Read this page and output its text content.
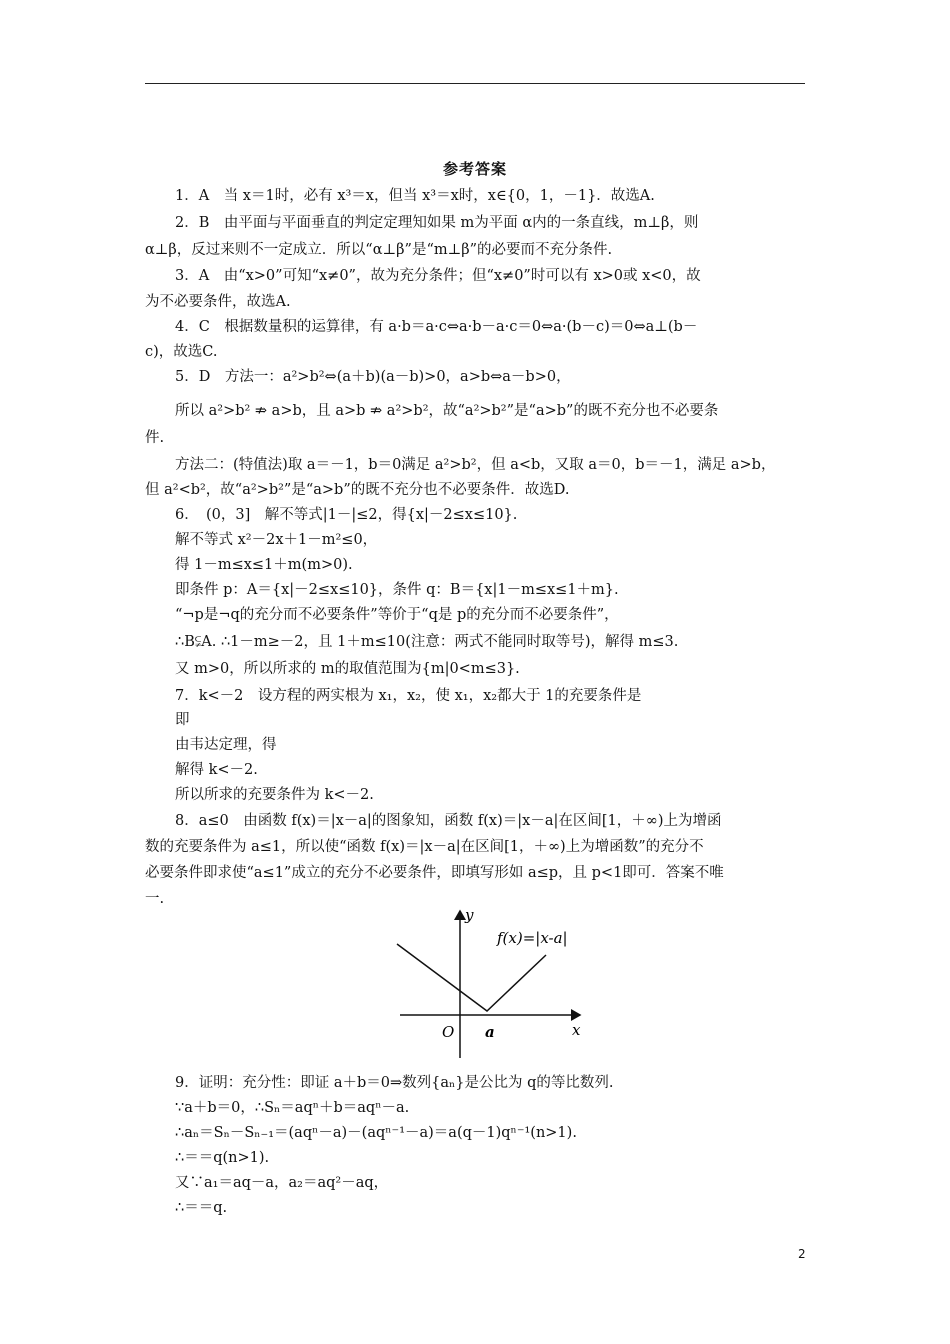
参考答案
1．A　当 x＝1时，必有 x³＝x，但当 x³＝x时，x∈{0，1，－1}．故选A.
2．B　由平面与平面垂直的判定定理知如果 m为平面 α内的一条直线，m⊥β，则
α⊥β，反过来则不一定成立．所以“α⊥β”是“m⊥β”的必要而不充分条件.
3．A　由“x>0”可知“x≠0”，故为充分条件；但“x≠0”时可以有 x>0或 x<0，故
为不必要条件，故选A.
4．C　根据数量积的运算律，有 a·b＝a·c⇔a·b－a·c＝0⇔a·(b－c)＝0⇔a⊥(b－
c)，故选C.
5．D　方法一：a²>b²⇔(a＋b)(a－b)>0，a>b⇔a－b>0，
所以 a²>b² ⇏ a>b，且 a>b ⇏ a²>b²，故“a²>b²”是“a>b”的既不充分也不必要条
件.
方法二：(特值法)取 a＝－1，b＝0满足 a²>b²，但 a<b，又取 a＝0，b＝－1，满足 a>b，
但 a²<b²，故“a²>b²”是“a>b”的既不充分也不必要条件．故选D.
6．　(0，3]　解不等式|1－|≤2，得{x|－2≤x≤10}.
解不等式 x²－2x＋1－m²≤0，
得 1－m≤x≤1＋m(m>0).
即条件 p：A＝{x|－2≤x≤10}，条件 q：B＝{x|1－m≤x≤1＋m}.
“¬p是¬q的充分而不必要条件”等价于“q是 p的充分而不必要条件”，
∴B⫋A. ∴1－m≥－2，且 1＋m≤10(注意：两式不能同时取等号)，解得 m≤3.
又 m>0，所以所求的 m的取值范围为{m|0<m≤3}.
7．k<－2　设方程的两实根为 x₁，x₂，使 x₁，x₂都大于 1的充要条件是
即
由韦达定理，得
解得 k<－2.
所以所求的充要条件为 k<－2.
8．a≤0　由函数 f(x)＝|x－a|的图象知，函数 f(x)＝|x－a|在区间[1，＋∞)上为增函
数的充要条件为 a≤1，所以使“函数 f(x)＝|x－a|在区间[1，＋∞)上为增函数”的充分不
必要条件即求使“a≤1”成立的充分不必要条件，即填写形如 a≤p，且 p<1即可．答案不唯
一.
y
x
O a
f(x)=|x-a|
9．证明：充分性：即证 a＋b＝0⇒数列{aₙ}是公比为 q的等比数列.
∵a＋b＝0，∴Sₙ＝aqⁿ＋b＝aqⁿ－a.
∴aₙ＝Sₙ－Sₙ₋₁＝(aqⁿ－a)－(aqⁿ⁻¹－a)＝a(q－1)qⁿ⁻¹(n>1).
∴＝＝q(n>1).
又∵a₁＝aq－a，a₂＝aq²－aq，
∴＝＝q.
2
